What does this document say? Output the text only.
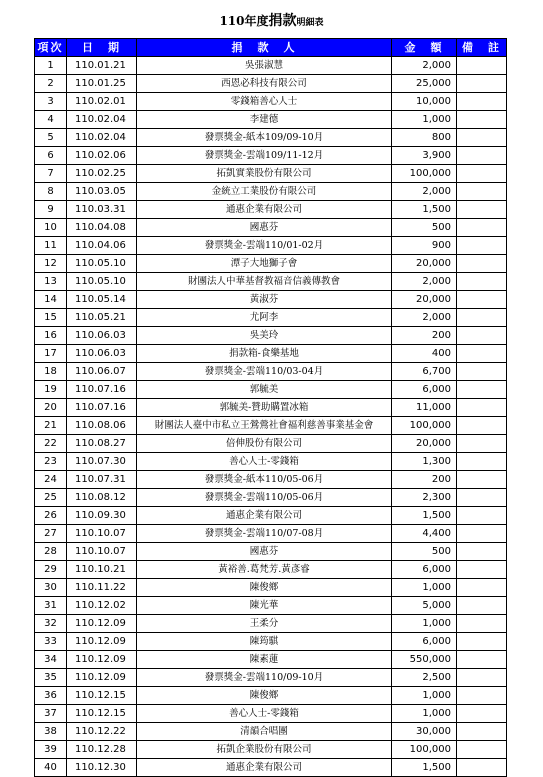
110年度捐款明細表
項次	日　期	捐　款　人	金　額	備　註
1	110.01.21	吳張淑慧	2,000	
2	110.01.25	西恩必科技有限公司	25,000	
3	110.02.01	零錢箱善心人士	10,000	
4	110.02.04	李建德	1,000	
5	110.02.04	發票獎金-紙本109/09-10月	800	
6	110.02.06	發票獎金-雲端109/11-12月	3,900	
7	110.02.25	拓凱實業股份有限公司	100,000	
8	110.03.05	金統立工業股份有限公司	2,000	
9	110.03.31	通惠企業有限公司	1,500	
10	110.04.08	國惠芬	500	
11	110.04.06	發票獎金-雲端110/01-02月	900	
12	110.05.10	潭子大地獅子會	20,000	
13	110.05.10	財團法人中華基督教福音信義傳教會	2,000	
14	110.05.14	黃淑芬	20,000	
15	110.05.21	尤阿李	2,000	
16	110.06.03	吳美玲	200	
17	110.06.03	捐款箱-食樂基地	400	
18	110.06.07	發票獎金-雲端110/03-04月	6,700	
19	110.07.16	郭毓美	6,000	
20	110.07.16	郭毓美-贊助購置冰箱	11,000	
21	110.08.06	財團法人臺中市私立王鶯鶯社會福利慈善事業基金會	100,000	
22	110.08.27	倍伸股份有限公司	20,000	
23	110.07.30	善心人士-零錢箱	1,300	
24	110.07.31	發票獎金-紙本110/05-06月	200	
25	110.08.12	發票獎金-雲端110/05-06月	2,300	
26	110.09.30	通惠企業有限公司	1,500	
27	110.10.07	發票獎金-雲端110/07-08月	4,400	
28	110.10.07	國惠芬	500	
29	110.10.21	黃裕善.葛梵芳.黃彥睿	6,000	
30	110.11.22	陳俊鄉	1,000	
31	110.12.02	陳光華	5,000	
32	110.12.09	王柔分	1,000	
33	110.12.09	陳筠騏	6,000	
34	110.12.09	陳素蓮	550,000	
35	110.12.09	發票獎金-雲端110/09-10月	2,500	
36	110.12.15	陳俊鄉	1,000	
37	110.12.15	善心人士-零錢箱	1,000	
38	110.12.22	清韻合唱團	30,000	
39	110.12.28	拓凱企業股份有限公司	100,000	
40	110.12.30	通惠企業有限公司	1,500	
